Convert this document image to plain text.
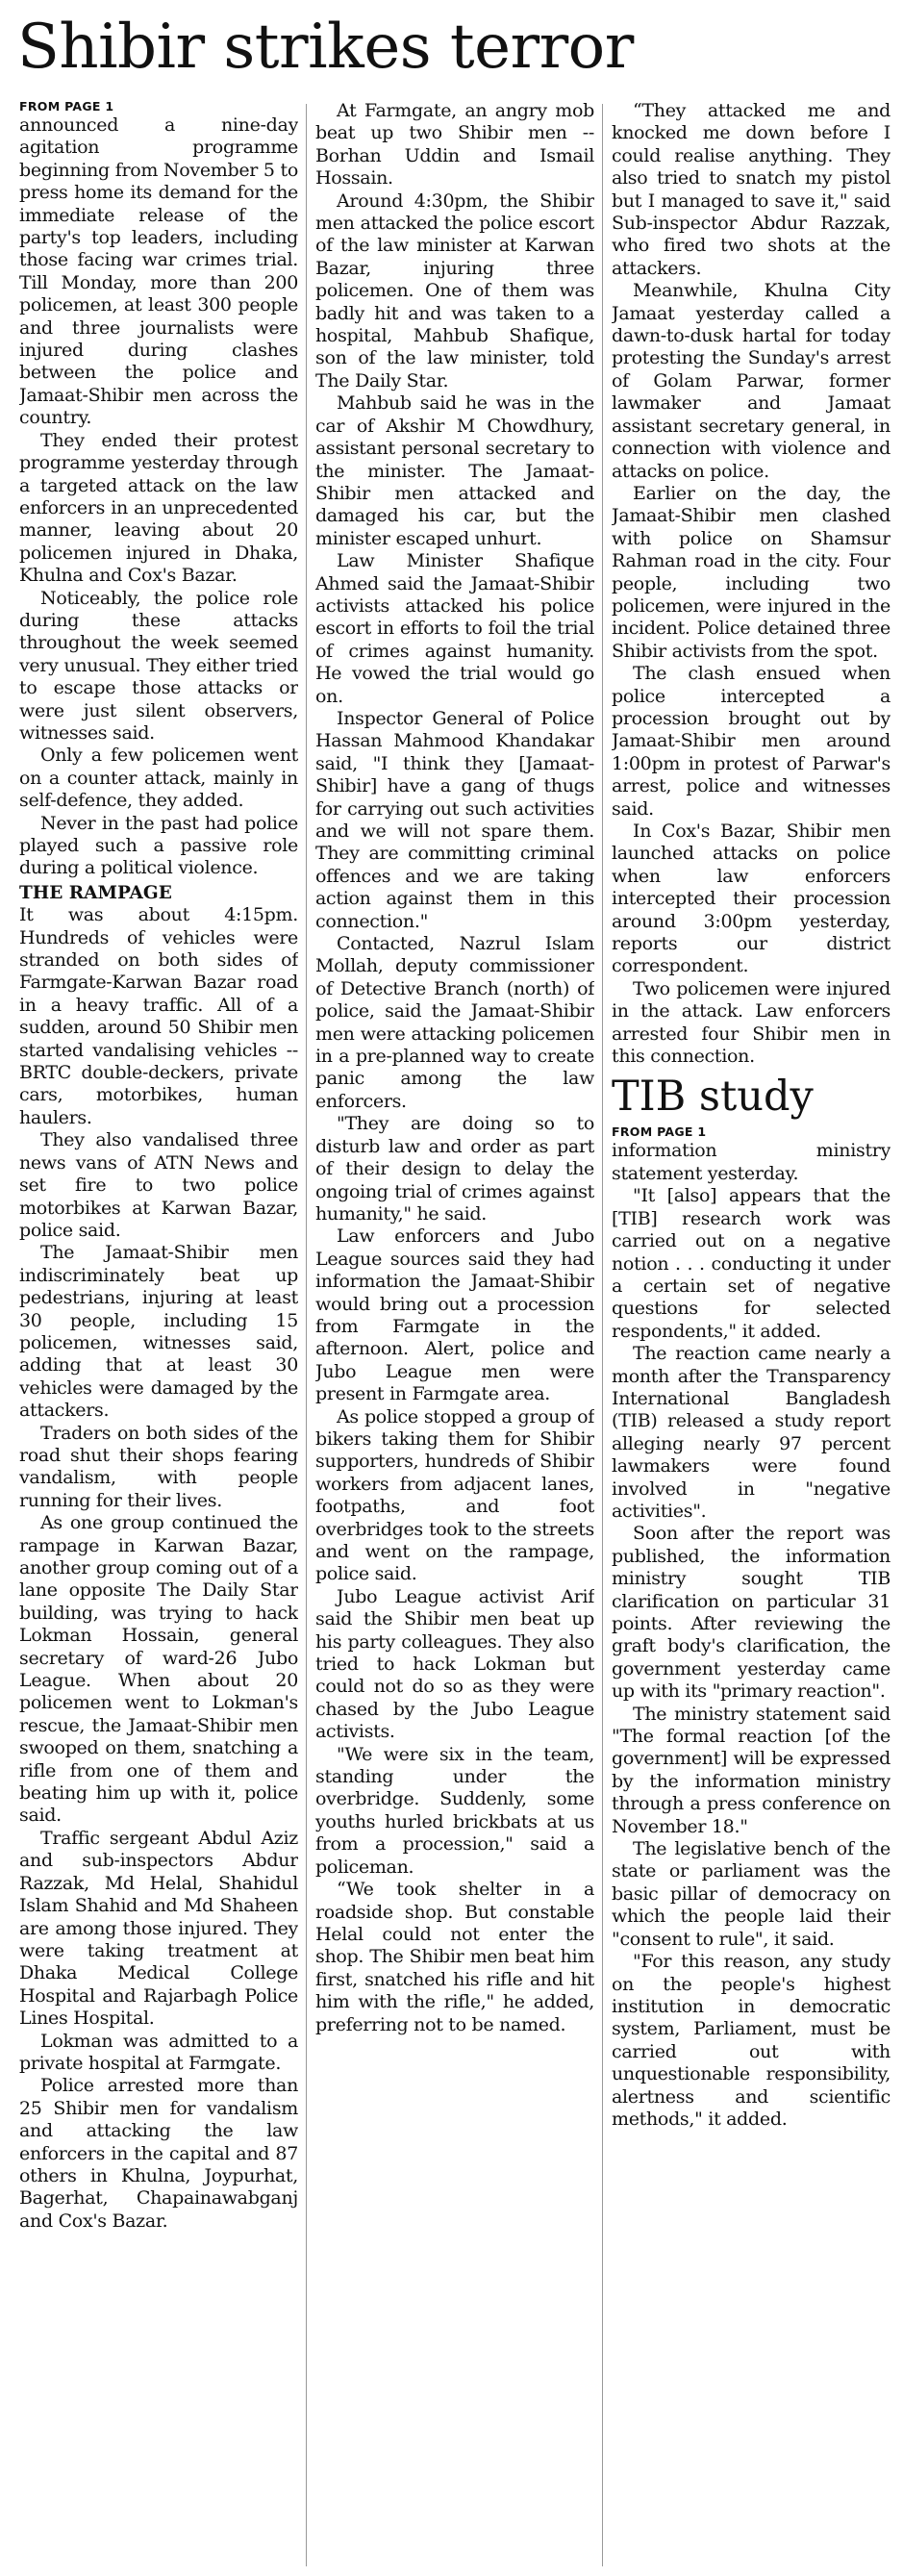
Shibir strikes terror
FROM PAGE 1

announced a nine-day agitation programme beginning from November 5 to press home its demand for the immediate release of the party's top leaders, including those facing war crimes trial. Till Monday, more than 200 policemen, at least 300 people and three journalists were injured during clashes between the police and Jamaat-Shibir men across the country.

They ended their protest programme yesterday through a targeted attack on the law enforcers in an unprecedented manner, leaving about 20 policemen injured in Dhaka, Khulna and Cox's Bazar.

Noticeably, the police role during these attacks throughout the week seemed very unusual. They either tried to escape those attacks or were just silent observers, witnesses said.

Only a few policemen went on a counter attack, mainly in self-defence, they added.

Never in the past had police played such a passive role during a political violence.

THE RAMPAGE

It was about 4:15pm. Hundreds of vehicles were stranded on both sides of Farmgate-Karwan Bazar road in a heavy traffic. All of a sudden, around 50 Shibir men started vandalising vehicles -- BRTC double-deckers, private cars, motorbikes, human haulers.

They also vandalised three news vans of ATN News and set fire to two police motorbikes at Karwan Bazar, police said.

The Jamaat-Shibir men indiscriminately beat up pedestrians, injuring at least 30 people, including 15 policemen, witnesses said, adding that at least 30 vehicles were damaged by the attackers.

Traders on both sides of the road shut their shops fearing vandalism, with people running for their lives.

As one group continued the rampage in Karwan Bazar, another group coming out of a lane opposite The Daily Star building, was trying to hack Lokman Hossain, general secretary of ward-26 Jubo League. When about 20 policemen went to Lokman's rescue, the Jamaat-Shibir men swooped on them, snatching a rifle from one of them and beating him up with it, police said.

Traffic sergeant Abdul Aziz and sub-inspectors Abdur Razzak, Md Helal, Shahidul Islam Shahid and Md Shaheen are among those injured. They were taking treatment at Dhaka Medical College Hospital and Rajarbagh Police Lines Hospital.

Lokman was admitted to a private hospital at Farmgate.

Police arrested more than 25 Shibir men for vandalism and attacking the law enforcers in the capital and 87 others in Khulna, Joypurhat, Bagerhat, Chapainawabganj and Cox's Bazar.

At Farmgate, an angry mob beat up two Shibir men -- Borhan Uddin and Ismail Hossain.

Around 4:30pm, the Shibir men attacked the police escort of the law minister at Karwan Bazar, injuring three policemen. One of them was badly hit and was taken to a hospital, Mahbub Shafique, son of the law minister, told The Daily Star.

Mahbub said he was in the car of Akshir M Chowdhury, assistant personal secretary to the minister. The Jamaat-Shibir men attacked and damaged his car, but the minister escaped unhurt.

Law Minister Shafique Ahmed said the Jamaat-Shibir activists attacked his police escort in efforts to foil the trial of crimes against humanity. He vowed the trial would go on.

Inspector General of Police Hassan Mahmood Khandakar said, "I think they [Jamaat-Shibir] have a gang of thugs for carrying out such activities and we will not spare them. They are committing criminal offences and we are taking action against them in this connection."

Contacted, Nazrul Islam Mollah, deputy commissioner of Detective Branch (north) of police, said the Jamaat-Shibir men were attacking policemen in a pre-planned way to create panic among the law enforcers.

"They are doing so to disturb law and order as part of their design to delay the ongoing trial of crimes against humanity," he said.

Law enforcers and Jubo League sources said they had information the Jamaat-Shibir would bring out a procession from Farmgate in the afternoon. Alert, police and Jubo League men were present in Farmgate area.

As police stopped a group of bikers taking them for Shibir supporters, hundreds of Shibir workers from adjacent lanes, footpaths, and foot overbridges took to the streets and went on the rampage, police said.

Jubo League activist Arif said the Shibir men beat up his party colleagues. They also tried to hack Lokman but could not do so as they were chased by the Jubo League activists.

"We were six in the team, standing under the overbridge. Suddenly, some youths hurled brickbats at us from a procession," said a policeman.

“We took shelter in a roadside shop. But constable Helal could not enter the shop. The Shibir men beat him first, snatched his rifle and hit him with the rifle," he added, preferring not to be named.

“They attacked me and knocked me down before I could realise anything. They also tried to snatch my pistol but I managed to save it," said Sub-inspector Abdur Razzak, who fired two shots at the attackers.

Meanwhile, Khulna City Jamaat yesterday called a dawn-to-dusk hartal for today protesting the Sunday's arrest of Golam Parwar, former lawmaker and Jamaat assistant secretary general, in connection with violence and attacks on police.

Earlier on the day, the Jamaat-Shibir men clashed with police on Shamsur Rahman road in the city. Four people, including two policemen, were injured in the incident. Police detained three Shibir activists from the spot.

The clash ensued when police intercepted a procession brought out by Jamaat-Shibir men around 1:00pm in protest of Parwar's arrest, police and witnesses said.

In Cox's Bazar, Shibir men launched attacks on police when law enforcers intercepted their procession around 3:00pm yesterday, reports our district correspondent.

Two policemen were injured in the attack. Law enforcers arrested four Shibir men in this connection.

TIB study
FROM PAGE 1

information ministry statement yesterday.

"It [also] appears that the [TIB] research work was carried out on a negative notion . . . conducting it under a certain set of negative questions for selected respondents," it added.

The reaction came nearly a month after the Transparency International Bangladesh (TIB) released a study report alleging nearly 97 percent lawmakers were found involved in "negative activities".

Soon after the report was published, the information ministry sought TIB clarification on particular 31 points. After reviewing the graft body's clarification, the government yesterday came up with its "primary reaction".

The ministry statement said "The formal reaction [of the government] will be expressed by the information ministry through a press conference on November 18."

The legislative bench of the state or parliament was the basic pillar of democracy on which the people laid their "consent to rule", it said.

"For this reason, any study on the people's highest institution in democratic system, Parliament, must be carried out with unquestionable responsibility, alertness and scientific methods," it added.
